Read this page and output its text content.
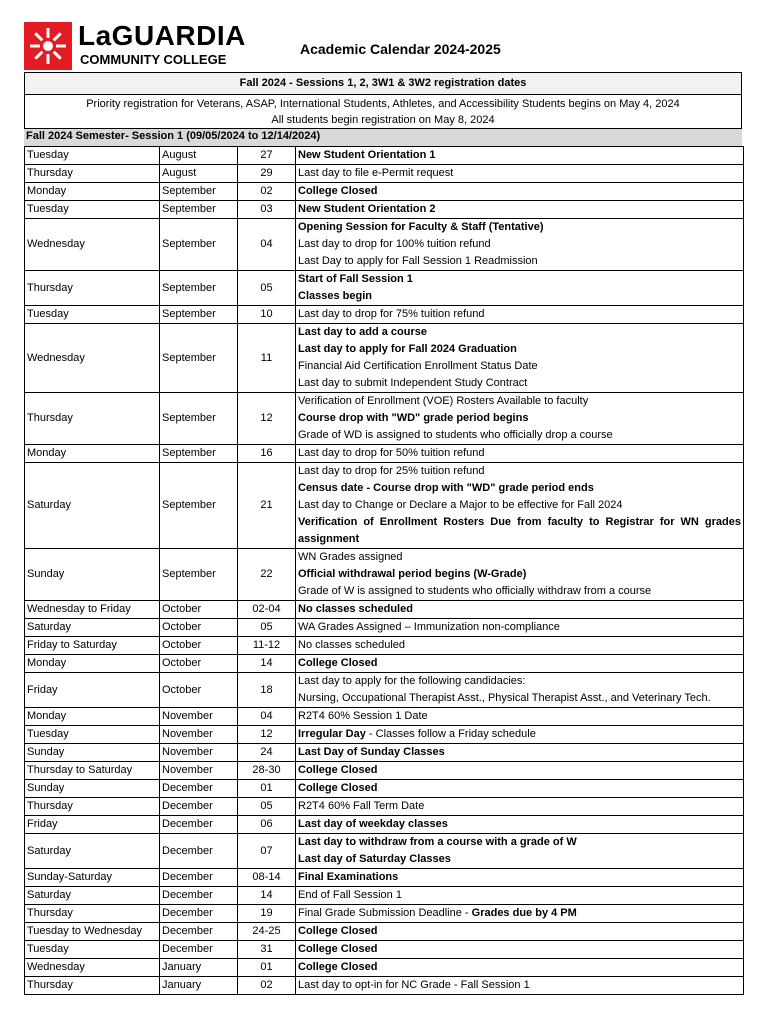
LaGUARDIA
COMMUNITY COLLEGE
Academic Calendar 2024-2025
Fall 2024 - Sessions 1, 2, 3W1 & 3W2 registration dates
Priority registration for Veterans, ASAP, International Students, Athletes, and Accessibility Students begins on May 4, 2024
All students begin registration on May 8, 2024
Fall 2024 Semester- Session 1 (09/05/2024 to 12/14/2024)
Tuesday	August	27	New Student Orientation 1

Thursday	August	29	Last day to file e-Permit request

Monday	September	02	College Closed

Tuesday	September	03	New Student Orientation 2

Wednesday	September	04	Opening Session for Faculty & Staff (Tentative)
Last day to drop for 100% tuition refund
Last Day to apply for Fall Session 1 Readmission

Thursday	September	05	Start of Fall Session 1
Classes begin

Tuesday	September	10	Last day to drop for 75% tuition refund

Wednesday	September	11	Last day to add a course
Last day to apply for Fall 2024 Graduation
Financial Aid Certification Enrollment Status Date
Last day to submit Independent Study Contract

Thursday	September	12	Verification of Enrollment (VOE) Rosters Available to faculty
Course drop with "WD" grade period begins
Grade of WD is assigned to students who officially drop a course

Monday	September	16	Last day to drop for 50% tuition refund

Saturday	September	21	Last day to drop for 25% tuition refund
Census date - Course drop with "WD" grade period ends
Last day to Change or Declare a Major to be effective for Fall 2024
Verification of Enrollment Rosters Due from faculty to Registrar for WN grades
assignment

Sunday	September	22	WN Grades assigned
Official withdrawal period begins (W-Grade)
Grade of W is assigned to students who officially withdraw from a course

Wednesday to Friday	October	02-04	No classes scheduled

Saturday	October	05	WA Grades Assigned – Immunization non-compliance

Friday to Saturday	October	11-12	No classes scheduled

Monday	October	14	College Closed

Friday	October	18	Last day to apply for the following candidacies:
Nursing, Occupational Therapist Asst., Physical Therapist Asst., and Veterinary Tech.

Monday	November	04	R2T4 60% Session 1 Date

Tuesday	November	12	Irregular Day - Classes follow a Friday schedule

Sunday	November	24	Last Day of Sunday Classes

Thursday to Saturday	November	28-30	College Closed

Sunday	December	01	College Closed

Thursday	December	05	R2T4 60% Fall Term Date

Friday	December	06	Last day of weekday classes

Saturday	December	07	Last day to withdraw from a course with a grade of W
Last day of Saturday Classes

Sunday-Saturday	December	08-14	Final Examinations

Saturday	December	14	End of Fall Session 1

Thursday	December	19	Final Grade Submission Deadline - Grades due by 4 PM

Tuesday to Wednesday	December	24-25	College Closed

Tuesday	December	31	College Closed

Wednesday	January	01	College Closed

Thursday	January	02	Last day to opt-in for NC Grade - Fall Session 1
